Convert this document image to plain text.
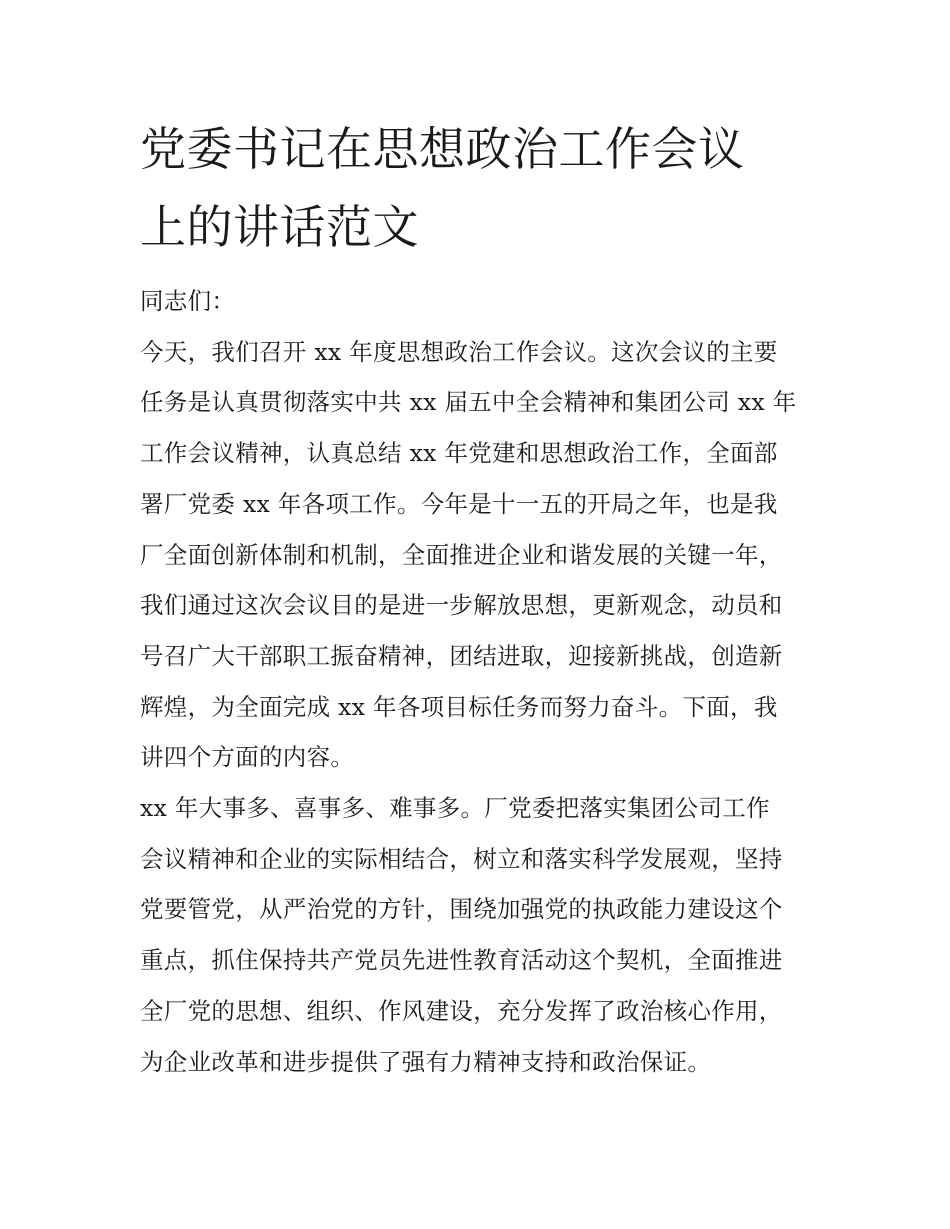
党委书记在思想政治工作会议
上的讲话范文
同志们：
今天，我们召开 xx 年度思想政治工作会议。这次会议的主要
任务是认真贯彻落实中共 xx 届五中全会精神和集团公司 xx 年
工作会议精神，认真总结 xx 年党建和思想政治工作，全面部
署厂党委 xx 年各项工作。今年是十一五的开局之年，也是我
厂全面创新体制和机制，全面推进企业和谐发展的关键一年，
我们通过这次会议目的是进一步解放思想，更新观念，动员和
号召广大干部职工振奋精神，团结进取，迎接新挑战，创造新
辉煌，为全面完成 xx 年各项目标任务而努力奋斗。下面，我
讲四个方面的内容。
xx 年大事多、喜事多、难事多。厂党委把落实集团公司工作
会议精神和企业的实际相结合，树立和落实科学发展观，坚持
党要管党，从严治党的方针，围绕加强党的执政能力建设这个
重点，抓住保持共产党员先进性教育活动这个契机，全面推进
全厂党的思想、组织、作风建设，充分发挥了政治核心作用，
为企业改革和进步提供了强有力精神支持和政治保证。
